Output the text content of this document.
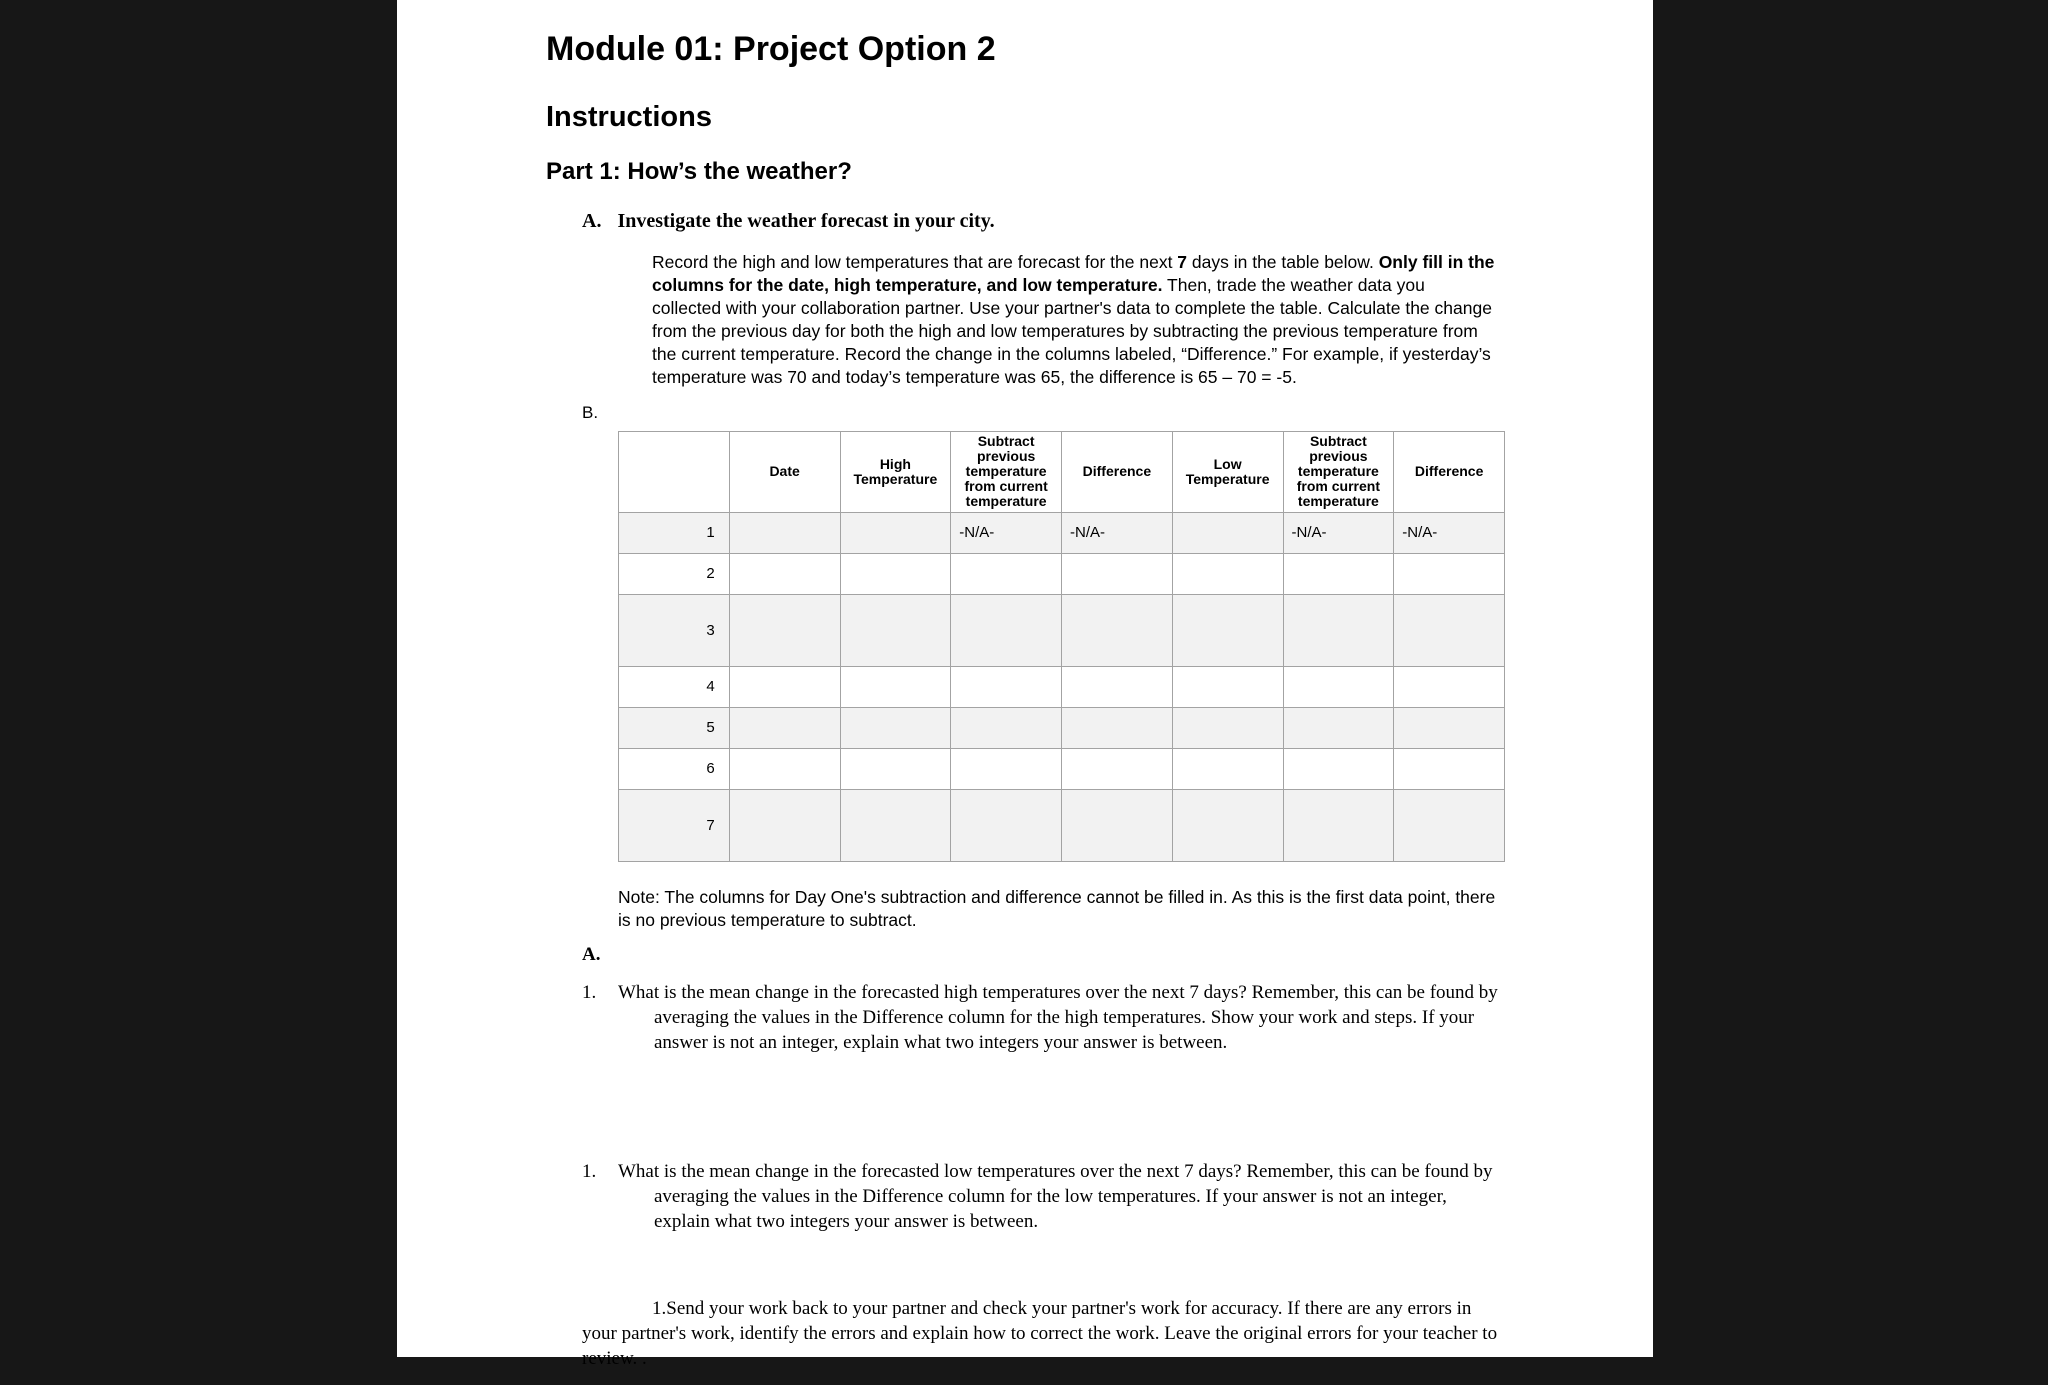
Module 01: Project Option 2
Instructions
Part 1: How’s the weather?
A. Investigate the weather forecast in your city.

Record the high and low temperatures that are forecast for the next 7 days in the table below. Only fill in the columns for the date, high temperature, and low temperature. Then, trade the weather data you collected with your collaboration partner. Use your partner's data to complete the table. Calculate the change from the previous day for both the high and low temperatures by subtracting the previous temperature from the current temperature. Record the change in the columns labeled, “Difference.” For example, if yesterday’s temperature was 70 and today’s temperature was 65, the difference is 65 – 70 = -5.

B.
	Date	High Temperature	Subtract previous temperature from current temperature	Difference	Low Temperature	Subtract previous temperature from current temperature	Difference
1			-N/A-	-N/A-		-N/A-	-N/A-
2							
3							
4							
5							
6							
7							

Note: The columns for Day One's subtraction and difference cannot be filled in. As this is the first data point, there is no previous temperature to subtract.

A.
1. What is the mean change in the forecasted high temperatures over the next 7 days? Remember, this can be found by averaging the values in the Difference column for the high temperatures. Show your work and steps. If your answer is not an integer, explain what two integers your answer is between.
1. What is the mean change in the forecasted low temperatures over the next 7 days? Remember, this can be found by averaging the values in the Difference column for the low temperatures. If your answer is not an integer, explain what two integers your answer is between.

1.Send your work back to your partner and check your partner's work for accuracy. If there are any errors in your partner's work, identify the errors and explain how to correct the work. Leave the original errors for your teacher to review. .
